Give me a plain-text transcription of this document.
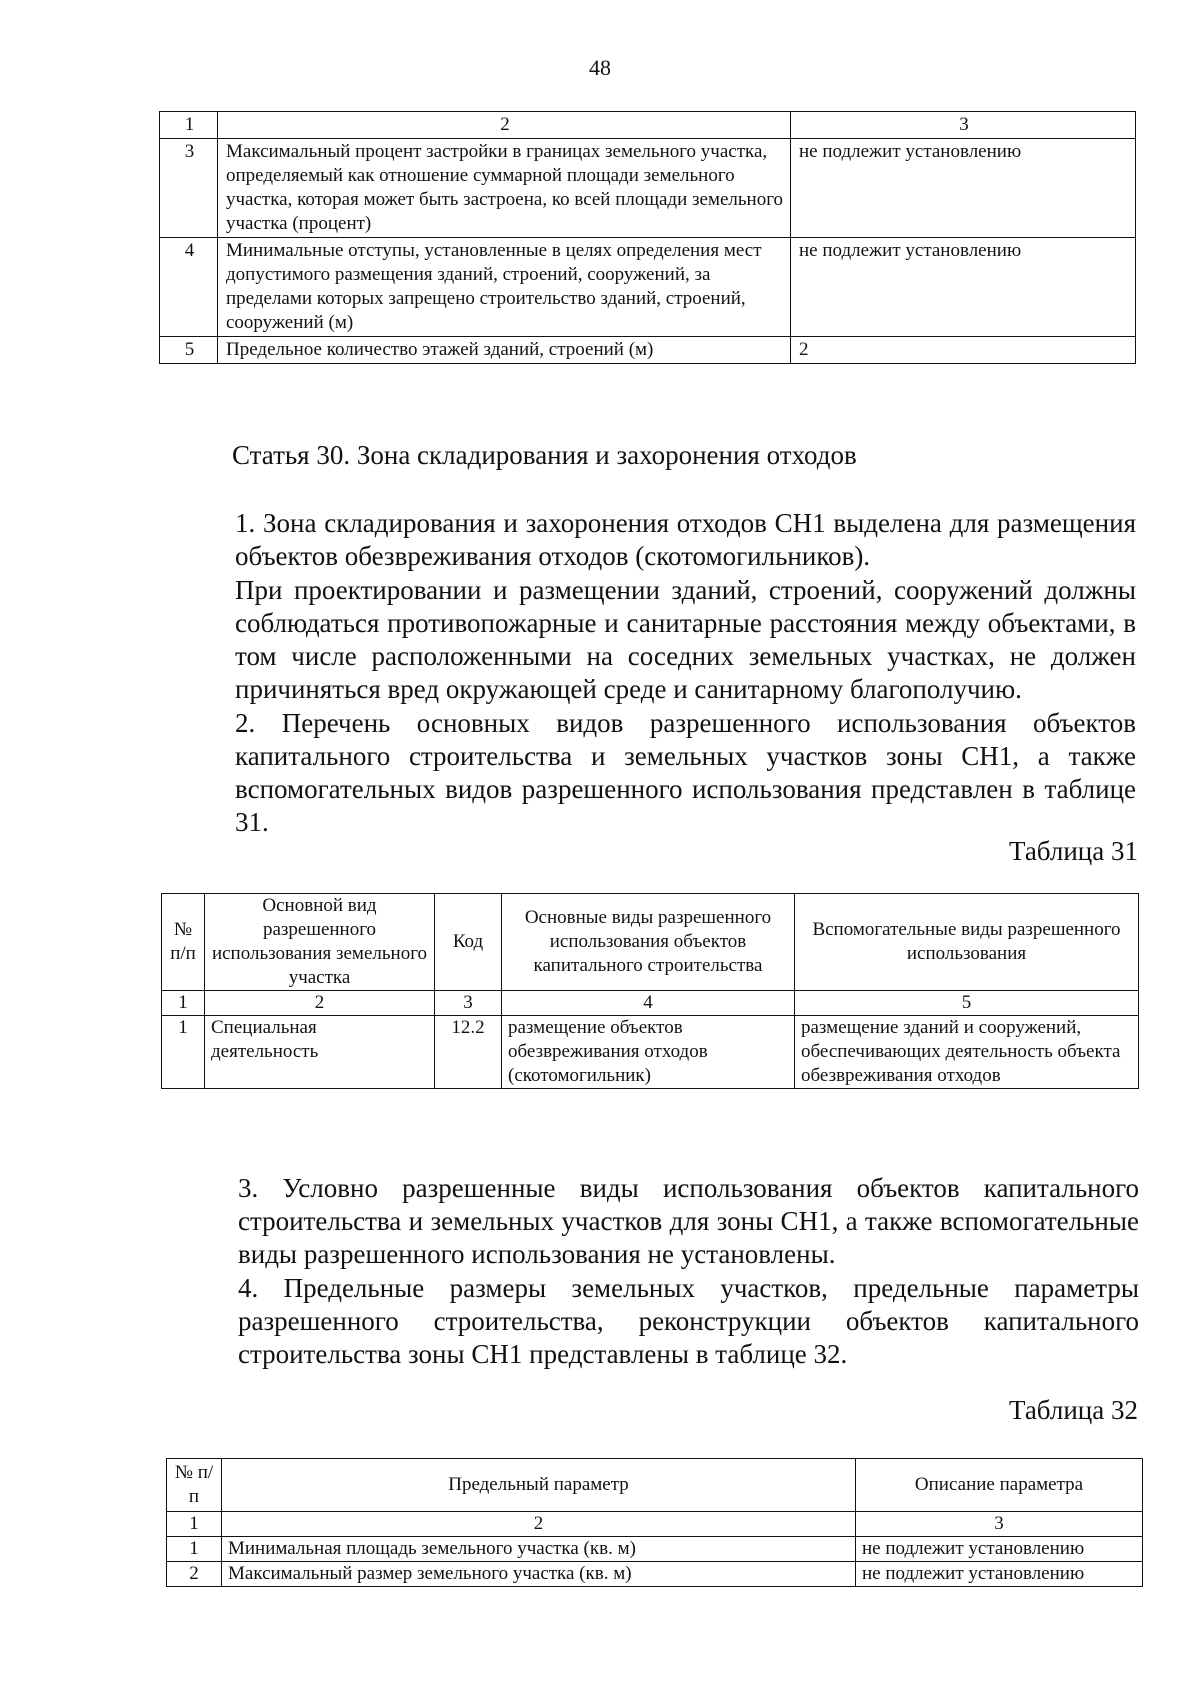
48
1	2	3
3	Максимальный процент застройки в границах земельного участка, определяемый как отношение суммарной площади земельного участка, которая может быть застроена, ко всей площади земельного участка (процент)	не подлежит установлению
4	Минимальные отступы, установленные в целях определения мест допустимого размещения зданий, строений, сооружений, за пределами которых запрещено строительство зданий, строений, сооружений (м)	не подлежит установлению
5	Предельное количество этажей зданий, строений (м)	2
Статья 30. Зона складирования и захоронения отходов
1. Зона складирования и захоронения отходов СН1 выделена для размещения объектов обезвреживания отходов (скотомогильников).
При проектировании и размещении зданий, строений, сооружений должны соблюдаться противопожарные и санитарные расстояния между объектами, в том числе расположенными на соседних земельных участках, не должен причиняться вред окружающей среде и санитарному благополучию.
2. Перечень основных видов разрешенного использования объектов капитального строительства и земельных участков зоны СН1, а также вспомогательных видов разрешенного использования представлен в таблице 31.
Таблица 31
№ п/п	Основной вид разрешенного использования земельного участка	Код	Основные виды разрешенного использования объектов капитального строительства	Вспомогательные виды разрешенного использования
1	2	3	4	5
1	Специальная деятельность	12.2	размещение объектов обезвреживания отходов (скотомогильник)	размещение зданий и сооружений, обеспечивающих деятельность объекта обезвреживания отходов
3. Условно разрешенные виды использования объектов капитального строительства и земельных участков для зоны СН1, а также вспомогательные виды разрешенного использования не установлены.
4. Предельные размеры земельных участков, предельные параметры разрешенного строительства, реконструкции объектов капитального строительства зоны СН1 представлены в таблице 32.
Таблица 32
№ п/п	Предельный параметр	Описание параметра
1	2	3
1	Минимальная площадь земельного участка (кв. м)	не подлежит установлению
2	Максимальный размер земельного участка (кв. м)	не подлежит установлению
